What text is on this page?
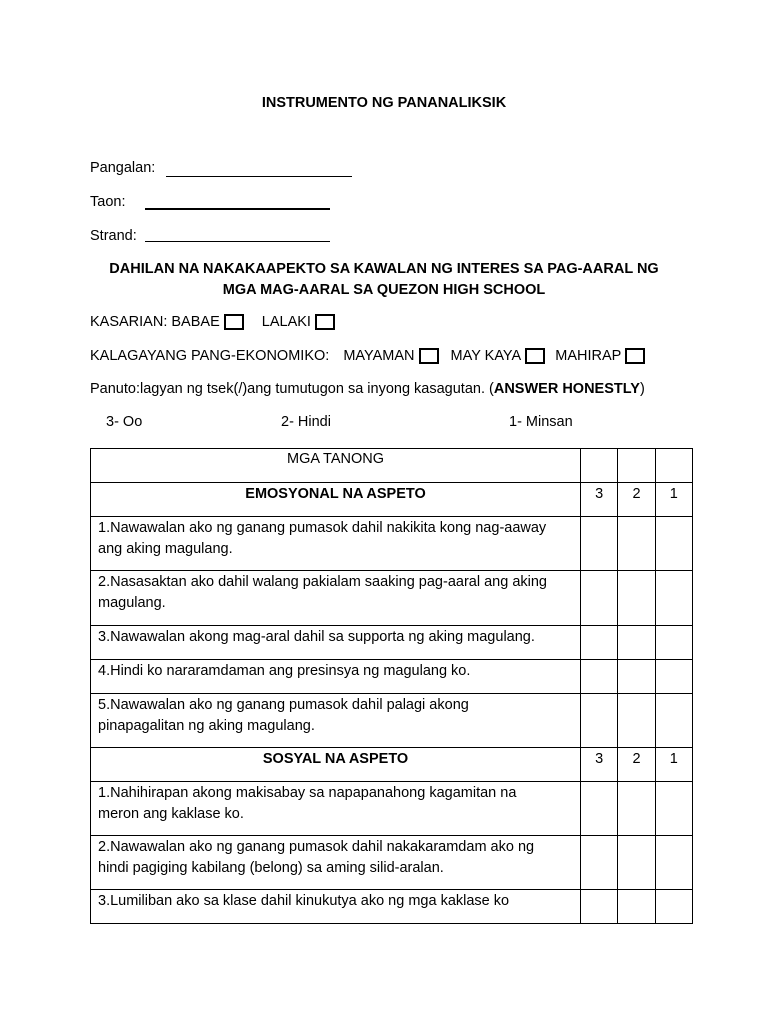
INSTRUMENTO NG PANANALIKSIK
Pangalan:
Taon:
Strand:
DAHILAN NA NAKAKAAPEKTO SA KAWALAN NG INTERES SA PAG-AARAL NG
MGA MAG-AARAL SA QUEZON HIGH SCHOOL
KASARIAN: BABAE	LALAKI
KALAGAYANG PANG-EKONOMIKO: MAYAMAN MAY KAYA MAHIRAP
Panuto:lagyan ng tsek(/)ang tumutugon sa inyong kasagutan. (ANSWER HONESTLY)
3- Oo	2- Hindi	1- Minsan
MGA TANONG			
EMOSYONAL NA ASPETO	3	2	1

1.Nawawalan ako ng ganang pumasok dahil nakikita kong nag-aaway
ang aking magulang.			

2.Nasasaktan ako dahil walang pakialam saaking pag-aaral ang aking
magulang.			

3.Nawawalan akong mag-aral dahil sa supporta ng aking magulang.			

4.Hindi ko nararamdaman ang presinsya ng magulang ko.			

5.Nawawalan ako ng ganang pumasok dahil palagi akong
pinapagalitan ng aking magulang.			

SOSYAL NA ASPETO	3	2	1

1.Nahihirapan akong makisabay sa napapanahong kagamitan na
meron ang kaklase ko.			

2.Nawawalan ako ng ganang pumasok dahil nakakaramdam ako ng
hindi pagiging kabilang (belong) sa aming silid-aralan.			

3.Lumiliban ako sa klase dahil kinukutya ako ng mga kaklase ko			
